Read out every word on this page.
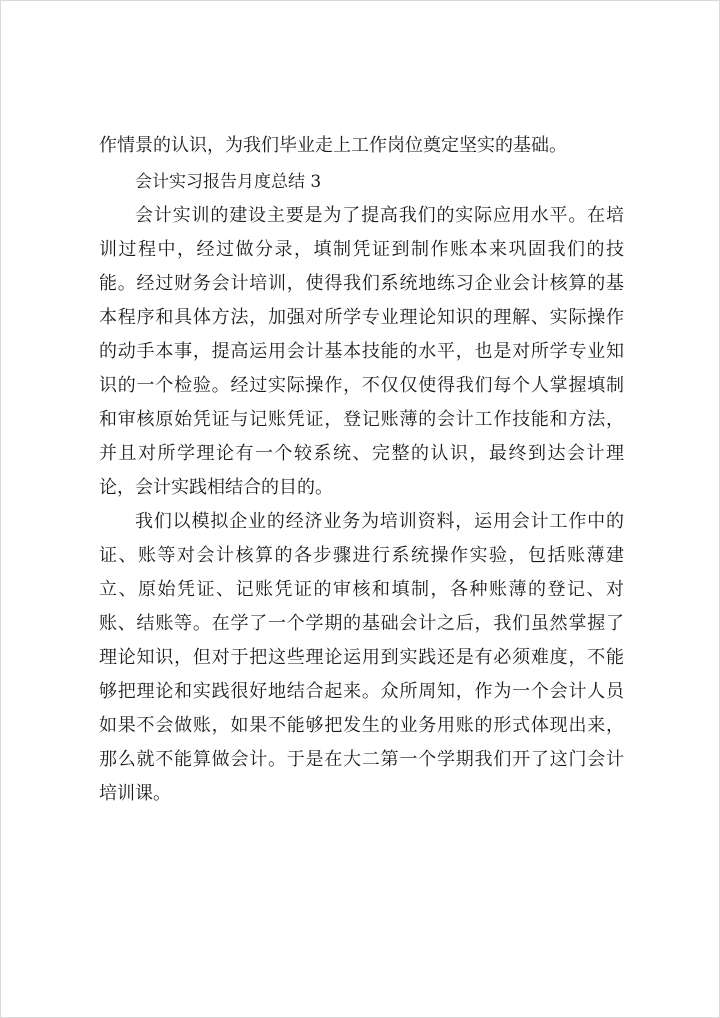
作情景的认识，为我们毕业走上工作岗位奠定坚实的基础。

会计实习报告月度总结 3

会计实训的建设主要是为了提高我们的实际应用水平。在培
训过程中，经过做分录，填制凭证到制作账本来巩固我们的技
能。经过财务会计培训，使得我们系统地练习企业会计核算的基
本程序和具体方法，加强对所学专业理论知识的理解、实际操作
的动手本事，提高运用会计基本技能的水平，也是对所学专业知
识的一个检验。经过实际操作，不仅仅使得我们每个人掌握填制
和审核原始凭证与记账凭证，登记账薄的会计工作技能和方法，
并且对所学理论有一个较系统、完整的认识，最终到达会计理
论，会计实践相结合的目的。

我们以模拟企业的经济业务为培训资料，运用会计工作中的
证、账等对会计核算的各步骤进行系统操作实验，包括账薄建
立、原始凭证、记账凭证的审核和填制，各种账薄的登记、对
账、结账等。在学了一个学期的基础会计之后，我们虽然掌握了
理论知识，但对于把这些理论运用到实践还是有必须难度，不能
够把理论和实践很好地结合起来。众所周知，作为一个会计人员
如果不会做账，如果不能够把发生的业务用账的形式体现出来，
那么就不能算做会计。于是在大二第一个学期我们开了这门会计
培训课。
